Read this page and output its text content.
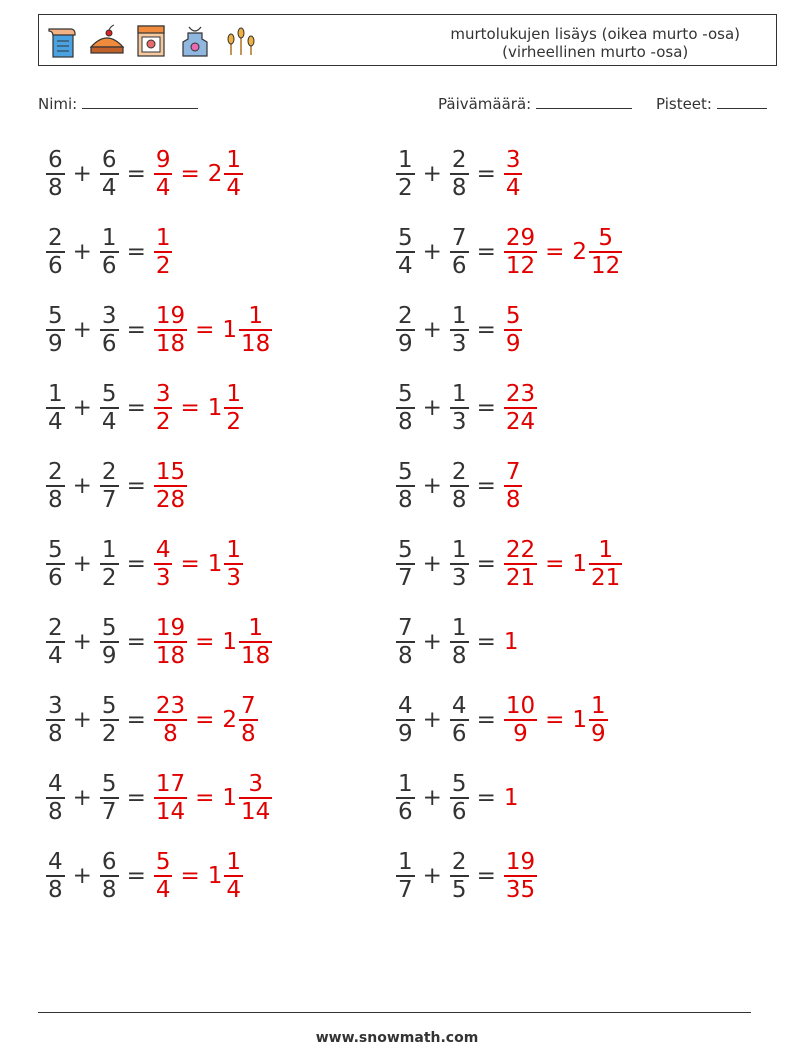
murtolukujen lisäys (oikea murto -osa)
(virheellinen murto -osa)
Nimi:	Päivämäärä:	Pisteet:
$\frac{6}{8} + \frac{6}{4} = \frac{9}{4} = 2 \frac{1}{4}$
$\frac{2}{6} + \frac{1}{6} = \frac{1}{2}$
$\frac{5}{9} + \frac{3}{6} = \frac{19}{18} = 1 \frac{1}{18}$
$\frac{1}{4} + \frac{5}{4} = \frac{3}{2} = 1 \frac{1}{2}$
$\frac{2}{8} + \frac{2}{7} = \frac{15}{28}$
$\frac{5}{6} + \frac{1}{2} = \frac{4}{3} = 1 \frac{1}{3}$
$\frac{2}{4} + \frac{5}{9} = \frac{19}{18} = 1 \frac{1}{18}$
$\frac{3}{8} + \frac{5}{2} = \frac{23}{8} = 2 \frac{7}{8}$
$\frac{4}{8} + \frac{5}{7} = \frac{17}{14} = 1 \frac{3}{14}$
$\frac{4}{8} + \frac{6}{8} = \frac{5}{4} = 1 \frac{1}{4}$
$\frac{1}{2} + \frac{2}{8} = \frac{3}{4}$
$\frac{5}{4} + \frac{7}{6} = \frac{29}{12} = 2 \frac{5}{12}$
$\frac{2}{9} + \frac{1}{3} = \frac{5}{9}$
$\frac{5}{8} + \frac{1}{3} = \frac{23}{24}$
$\frac{5}{8} + \frac{2}{8} = \frac{7}{8}$
$\frac{5}{7} + \frac{1}{3} = \frac{22}{21} = 1 \frac{1}{21}$
$\frac{7}{8} + \frac{1}{8} = 1$
$\frac{4}{9} + \frac{4}{6} = \frac{10}{9} = 1 \frac{1}{9}$
$\frac{1}{6} + \frac{5}{6} = 1$
$\frac{1}{7} + \frac{2}{5} = \frac{19}{35}$
www.snowmath.com
